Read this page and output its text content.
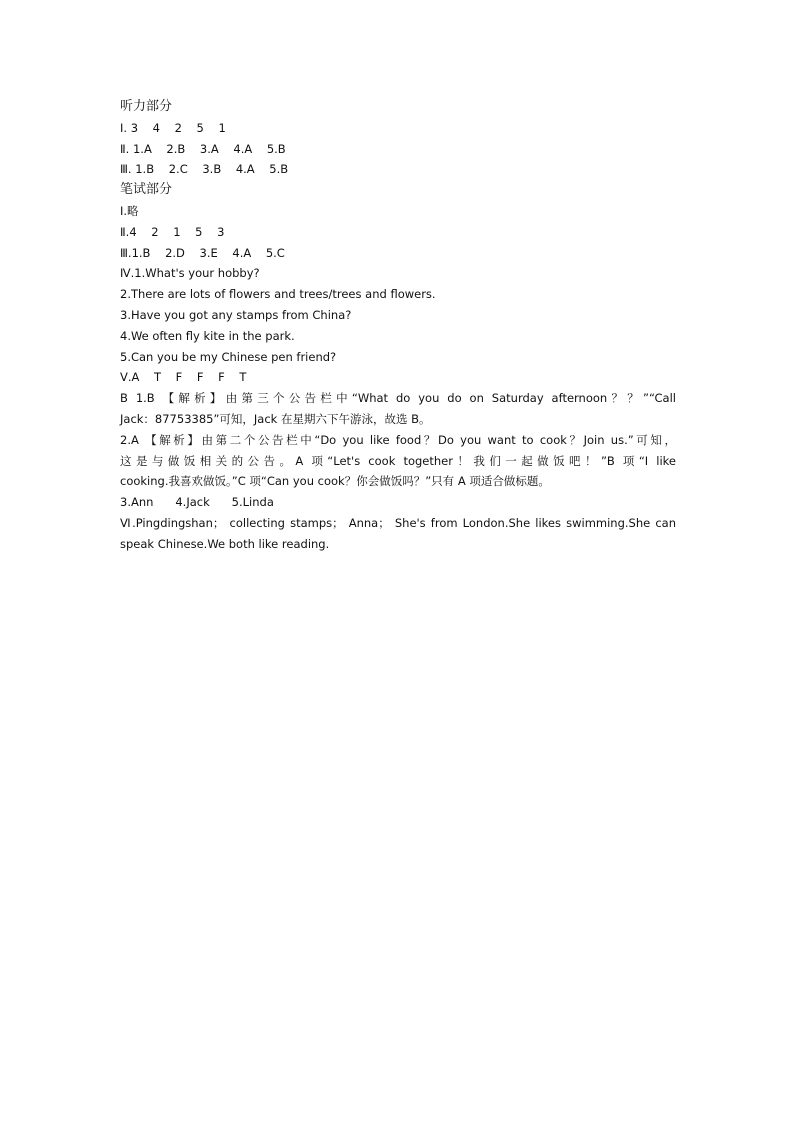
听力部分
Ⅰ. 3    4    2    5    1
Ⅱ. 1.A    2.B    3.A    4.A    5.B
Ⅲ. 1.B    2.C    3.B    4.A    5.B
笔试部分
Ⅰ.略
Ⅱ.4    2    1    5    3
Ⅲ.1.B    2.D    3.E    4.A    5.C
Ⅳ.1.What's your hobby?
2.There are lots of flowers and trees/trees and flowers.
3.Have you got any stamps from China?
4.We often fly kite in the park.
5.Can you be my Chinese pen friend?
Ⅴ.A    T    F    F    F    T
B 1.B 【解析】由第三个公告栏中“What do you do on Saturday afternoon？？”“Call
Jack：87753385”可知，Jack 在星期六下午游泳，故选 B。
2.A 【解析】由第二个公告栏中“Do you like food？Do you want to cook？Join us.”可知，
这是与做饭相关的公告。A 项“Let's cook together！我们一起做饭吧！”B 项“I like
cooking.我喜欢做饭。”C 项“Can you cook？你会做饭吗？”只有 A 项适合做标题。
3.Ann      4.Jack      5.Linda
Ⅵ.Pingdingshan； collecting stamps； Anna； She's from London.She likes swimming.She can
speak Chinese.We both like reading.
